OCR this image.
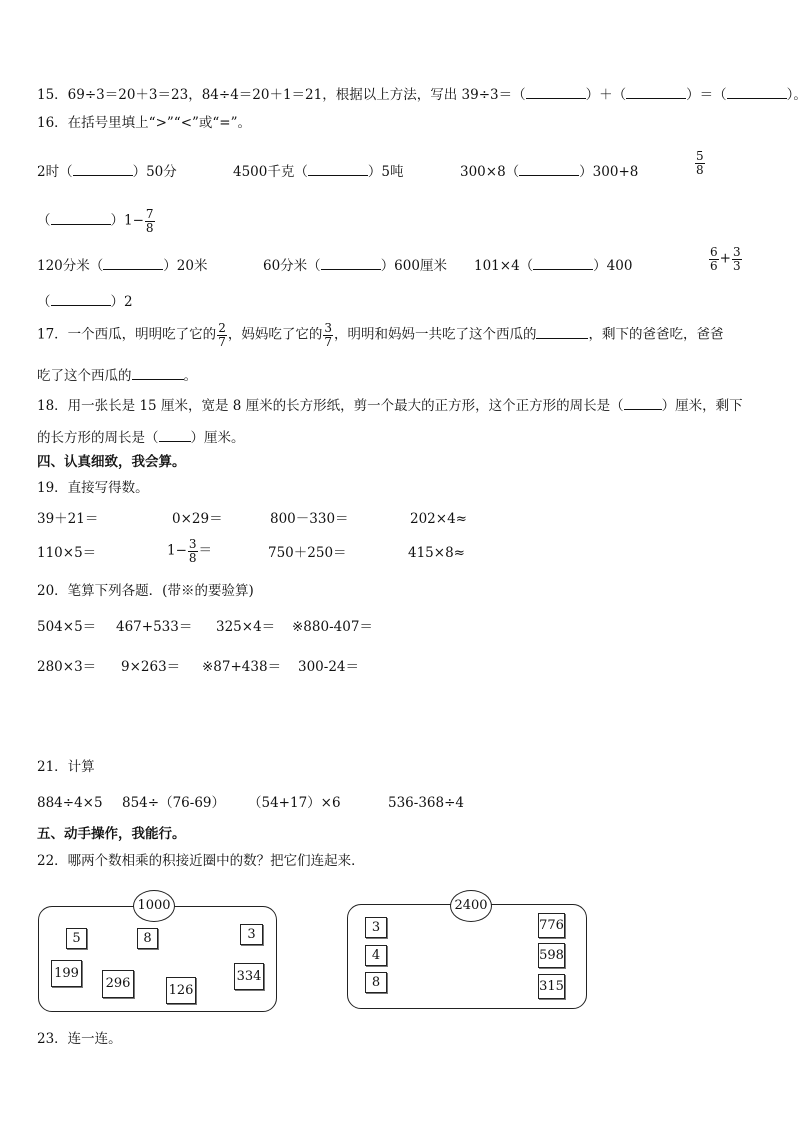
15．69÷3＝20＋3＝23，84÷4＝20＋1＝21，根据以上方法，写出 39÷3＝（	）＋（	）＝（	）。
16．在括号里填上“>”“<”或“=”。
2时（	）50分	4500千克（	）5吨	300×8（	）300+8	$\frac{5}{8}$
（	）$1- \frac{7}{8}$
120分米（	）20米	60分米（	）600厘米 101×4（	）400	$\frac{6}{6} + \frac{3}{3}$
（	）2
17．一个西瓜，明明吃了它的 $\frac{2}{7}$ ，妈妈吃了它的 $\frac{3}{7}$ ，明明和妈妈一共吃了这个西瓜的	，剩下的爸爸吃，爸爸
吃了这个西瓜的	。
18．用一张长是 15 厘米，宽是 8 厘米的长方形纸，剪一个最大的正方形，这个正方形的周长是（	）厘米，剩下
的长方形的周长是（ ）厘米。
四、认真细致，我会算。
19．直接写得数。
39＋21＝	0×29＝	800－330＝	202×4≈
110×5＝	$1- \frac{3}{8}$ ＝	750＋250＝	415×8≈
20．笔算下列各题．(带※的要验算)
504×5＝ 467+533＝ 325×4＝ ※880-407＝
280×3＝ 9×263＝ ※87+438＝ 300-24＝
21．计算
884÷4×5 854÷（76-69） （54+17）×6	536-368÷4
五、动手操作，我能行。
22．哪两个数相乘的积接近圈中的数？把它们连起来．
1000
5	8	3
199
296	126
334
2400
3
4
8
776
598
315
23．连一连。
